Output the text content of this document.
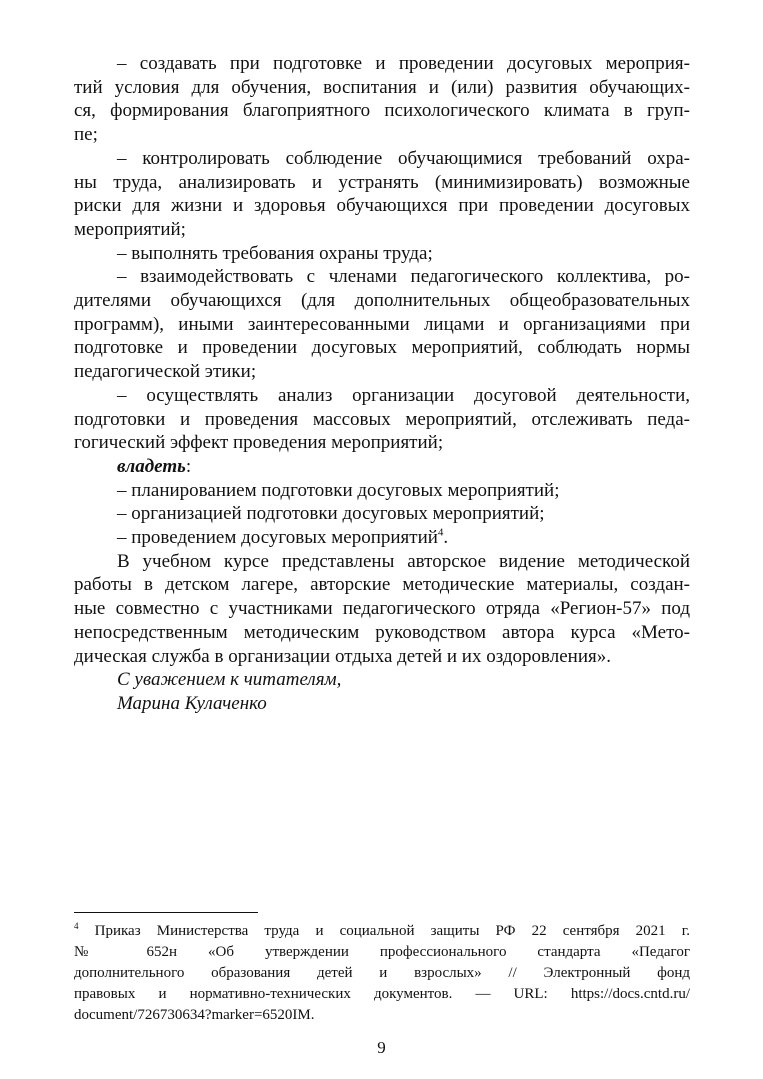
– создавать при подготовке и проведении досуговых мероприя-
тий условия для обучения, воспитания и (или) развития обучающих-
ся, формирования благоприятного психологического климата в груп-
пе;
– контролировать соблюдение обучающимися требований охра-
ны труда, анализировать и устранять (минимизировать) возможные
риски для жизни и здоровья обучающихся при проведении досуговых
мероприятий;
– выполнять требования охраны труда;
– взаимодействовать с членами педагогического коллектива, ро-
дителями обучающихся (для дополнительных общеобразовательных
программ), иными заинтересованными лицами и организациями при
подготовке и проведении досуговых мероприятий, соблюдать нормы
педагогической этики;
– осуществлять анализ организации досуговой деятельности,
подготовки и проведения массовых мероприятий, отслеживать педа-
гогический эффект проведения мероприятий;
владеть:
– планированием подготовки досуговых мероприятий;
– организацией подготовки досуговых мероприятий;
– проведением досуговых мероприятий$^4$.
В учебном курсе представлены авторское видение методической
работы в детском лагере, авторские методические материалы, создан-
ные совместно с участниками педагогического отряда «Регион-57» под
непосредственным методическим руководством автора курса «Мето-
дическая служба в организации отдыха детей и их оздоровления».
С уважением к читателям,
Марина Кулаченко
$^4$ Приказ Министерства труда и социальной защиты РФ 22 сентября 2021 г.
№ 652н «Об утверждении профессионального стандарта «Педагог
дополнительного образования детей и взрослых» // Электронный фонд
правовых и нормативно-технических документов. — URL: https://docs.cntd.ru/
document/726730634?marker=6520IM.
9
